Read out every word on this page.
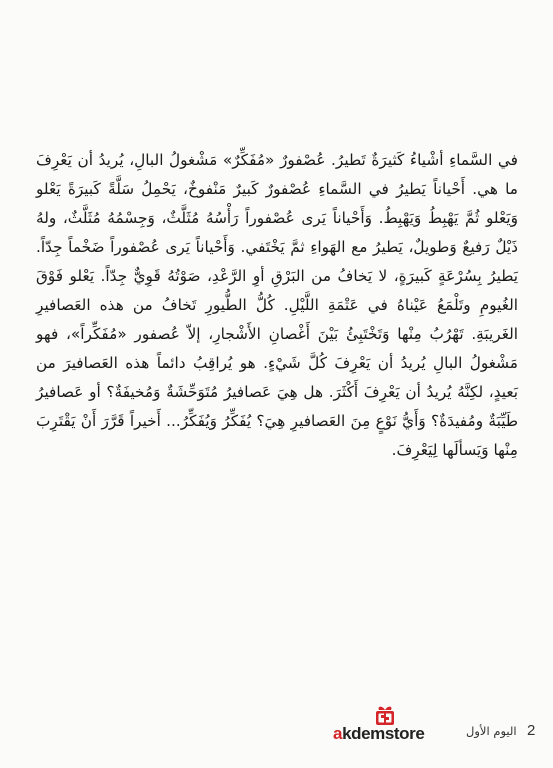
في السَّماءِ أشْياءُ كَثيرَةٌ تَطيرُ. عُصْفورٌ «مُفَكِّرٌ» مَشْغولُ البالِ، يُريدُ أن يَعْرِفَ ما هي. أَحْياناً يَطيرُ في السَّماءِ عُصْفورٌ كَبيرٌ مَنْفوخٌ، يَحْمِلُ سَلَّةً كَبيرَةً يَعْلو وَيَعْلو ثُمَّ يَهْبِطُ وَيَهْبِطُ. وَأَحْياناً يَرى عُصْفوراً رَأْسُهُ مُثَلَّثٌ، وَجِسْمُهُ مُثَلَّثٌ، ولهُ ذَيْلٌ رَفيعٌ وَطويلٌ، يَطيرُ مع الهَواءِ ثمَّ يَخْتَفي. وَأَحْياناً يَرى عُصْفوراً ضَخْماً جِدّاً. يَطيرُ بِسُرْعَةٍ كَبيرَةٍ، لا يَخافُ من البَرْقِ أوِ الرَّعْدِ، صَوْتُهُ قَوِيٌّ جِدّاً. يَعْلو فَوْقَ الغُيومِ وتَلْمَعُ عَيْناهُ في عَتْمَةِ اللَّيْلِ. كُلُّ الطُّيورِ تَخافُ من هذه العَصافيرِ الغَريبَةِ. تَهْرُبُ مِنْها وَتَخْتَبِئُ بَيْنَ أَغْصانِ الأَشْجارِ، إلاّ عُصفور «مُفَكِّراً»، فهو مَشْغولُ البالِ يُريدُ أن يَعْرِفَ كُلَّ شَيْءٍ. هو يُراقِبُ دائماً هذه العَصافيرَ من بَعيدٍ، لكِنَّهُ يُريدُ أن يَعْرِفَ أَكْثَرَ. هل هِيَ عَصافيرُ مُتَوَحِّشَةٌ وَمُخيفَةٌ؟ أو عَصافيرُ طَيِّبَةٌ ومُفيدَةٌ؟ وَأَيُّ نَوْعٍ مِنَ العَصافيرِ هِيَ؟ يُفَكِّرُ وَيُفَكِّرُ... أَخيراً قَرَّرَ أَنْ يَقْتَرِبَ مِنْها وَيَسألَها لِيَعْرِفَ.

akdemstore	اليوم الأول 2
